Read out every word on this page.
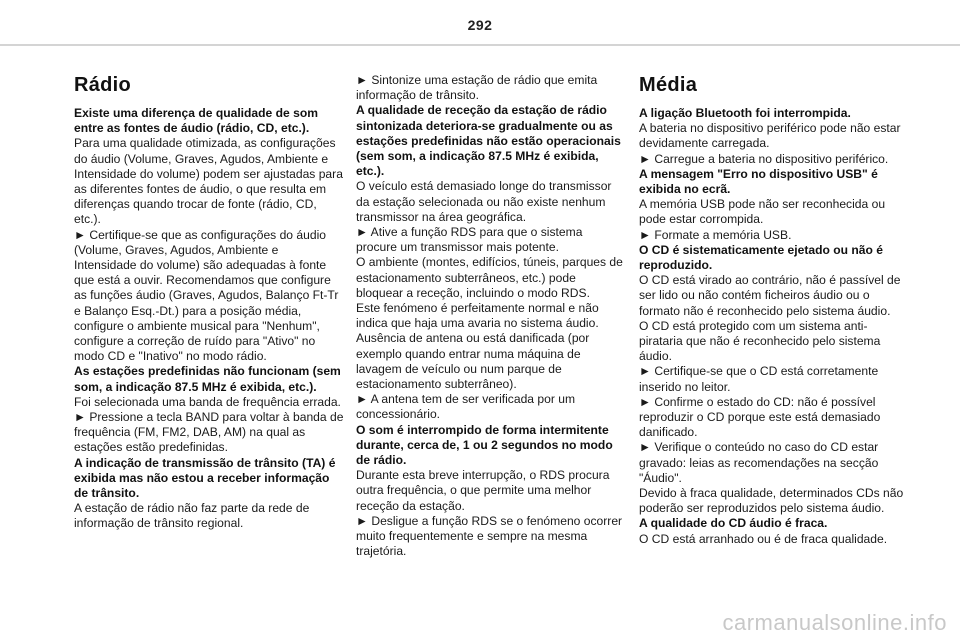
292
Rádio

Existe uma diferença de qualidade de som entre as fontes de áudio (rádio, CD, etc.).

Para uma qualidade otimizada, as configurações do áudio (Volume, Graves, Agudos, Ambiente e Intensidade do volume) podem ser ajustadas para as diferentes fontes de áudio, o que resulta em diferenças quando trocar de fonte (rádio, CD, etc.).

► Certifique-se que as configurações do áudio (Volume, Graves, Agudos, Ambiente e Intensidade do volume) são adequadas à fonte que está a ouvir. Recomendamos que configure as funções áudio (Graves, Agudos, Balanço Ft-Tr e Balanço Esq.-Dt.) para a posição média, configure o ambiente musical para "Nenhum", configure a correção de ruído para "Ativo" no modo CD e "Inativo" no modo rádio.

As estações predefinidas não funcionam (sem som, a indicação 87.5 MHz é exibida, etc.).

Foi selecionada uma banda de frequência errada.

► Pressione a tecla BAND para voltar à banda de frequência (FM, FM2, DAB, AM) na qual as estações estão predefinidas.

A indicação de transmissão de trânsito (TA) é exibida mas não estou a receber informação de trânsito.

A estação de rádio não faz parte da rede de informação de trânsito regional.

► Sintonize uma estação de rádio que emita informação de trânsito.

A qualidade de receção da estação de rádio sintonizada deteriora-se gradualmente ou as estações predefinidas não estão operacionais (sem som, a indicação 87.5 MHz é exibida, etc.).

O veículo está demasiado longe do transmissor da estação selecionada ou não existe nenhum transmissor na área geográfica.

► Ative a função RDS para que o sistema procure um transmissor mais potente.

O ambiente (montes, edifícios, túneis, parques de estacionamento subterrâneos, etc.) pode bloquear a receção, incluindo o modo RDS.

Este fenómeno é perfeitamente normal e não indica que haja uma avaria no sistema áudio.

Ausência de antena ou está danificada (por exemplo quando entrar numa máquina de lavagem de veículo ou num parque de estacionamento subterrâneo).

► A antena tem de ser verificada por um concessionário.

O som é interrompido de forma intermitente durante, cerca de, 1 ou 2 segundos no modo de rádio.

Durante esta breve interrupção, o RDS procura outra frequência, o que permite uma melhor receção da estação.

► Desligue a função RDS se o fenómeno ocorrer muito frequentemente e sempre na mesma trajetória.

Média

A ligação Bluetooth foi interrompida.

A bateria no dispositivo periférico pode não estar devidamente carregada.

► Carregue a bateria no dispositivo periférico.

A mensagem "Erro no dispositivo USB" é exibida no ecrã.

A memória USB pode não ser reconhecida ou pode estar corrompida.

► Formate a memória USB.

O CD é sistematicamente ejetado ou não é reproduzido.

O CD está virado ao contrário, não é passível de ser lido ou não contém ficheiros áudio ou o formato não é reconhecido pelo sistema áudio.

O CD está protegido com um sistema anti-pirataria que não é reconhecido pelo sistema áudio.

► Certifique-se que o CD está corretamente inserido no leitor.

► Confirme o estado do CD: não é possível reproduzir o CD porque este está demasiado danificado.

► Verifique o conteúdo no caso do CD estar gravado: leias as recomendações na secção "Áudio".

Devido à fraca qualidade, determinados CDs não poderão ser reproduzidos pelo sistema áudio.

A qualidade do CD áudio é fraca.

O CD está arranhado ou é de fraca qualidade.

carmanualsonline.info
